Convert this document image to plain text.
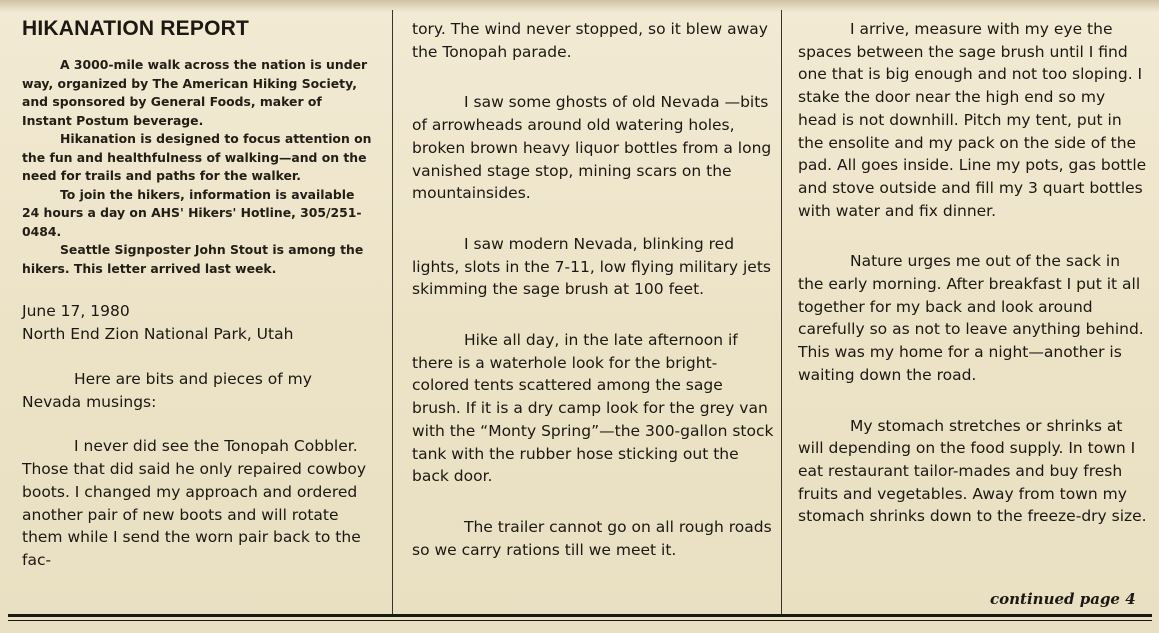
HIKANATION REPORT

A 3000-mile walk across the nation is under way, organized by The American Hiking Society, and sponsored by General Foods, maker of Instant Postum beverage.

Hikanation is designed to focus attention on the fun and healthfulness of walking—and on the need for trails and paths for the walker.

To join the hikers, information is available 24 hours a day on AHS' Hikers' Hotline, 305/251-0484.

Seattle Signposter John Stout is among the hikers. This letter arrived last week.

June 17, 1980

North End Zion National Park, Utah

Here are bits and pieces of my Nevada musings:

I never did see the Tonopah Cobbler. Those that did said he only repaired cowboy boots. I changed my approach and ordered another pair of new boots and will rotate them while I send the worn pair back to the fac-

tory. The wind never stopped, so it blew away the Tonopah parade.

I saw some ghosts of old Nevada —bits of arrowheads around old watering holes, broken brown heavy liquor bottles from a long vanished stage stop, mining scars on the mountainsides.

I saw modern Nevada, blinking red lights, slots in the 7-11, low flying military jets skimming the sage brush at 100 feet.

Hike all day, in the late afternoon if there is a waterhole look for the bright-colored tents scattered among the sage brush. If it is a dry camp look for the grey van with the “Monty Spring”—the 300-gallon stock tank with the rubber hose sticking out the back door.

The trailer cannot go on all rough roads so we carry rations till we meet it.

I arrive, measure with my eye the spaces between the sage brush until I find one that is big enough and not too sloping. I stake the door near the high end so my head is not downhill. Pitch my tent, put in the ensolite and my pack on the side of the pad. All goes inside. Line my pots, gas bottle and stove outside and fill my 3 quart bottles with water and fix dinner.

Nature urges me out of the sack in the early morning. After breakfast I put it all together for my back and look around carefully so as not to leave anything behind. This was my home for a night—another is waiting down the road.

My stomach stretches or shrinks at will depending on the food supply. In town I eat restaurant tailor-mades and buy fresh fruits and vegetables. Away from town my stomach shrinks down to the freeze-dry size.

continued page 4
